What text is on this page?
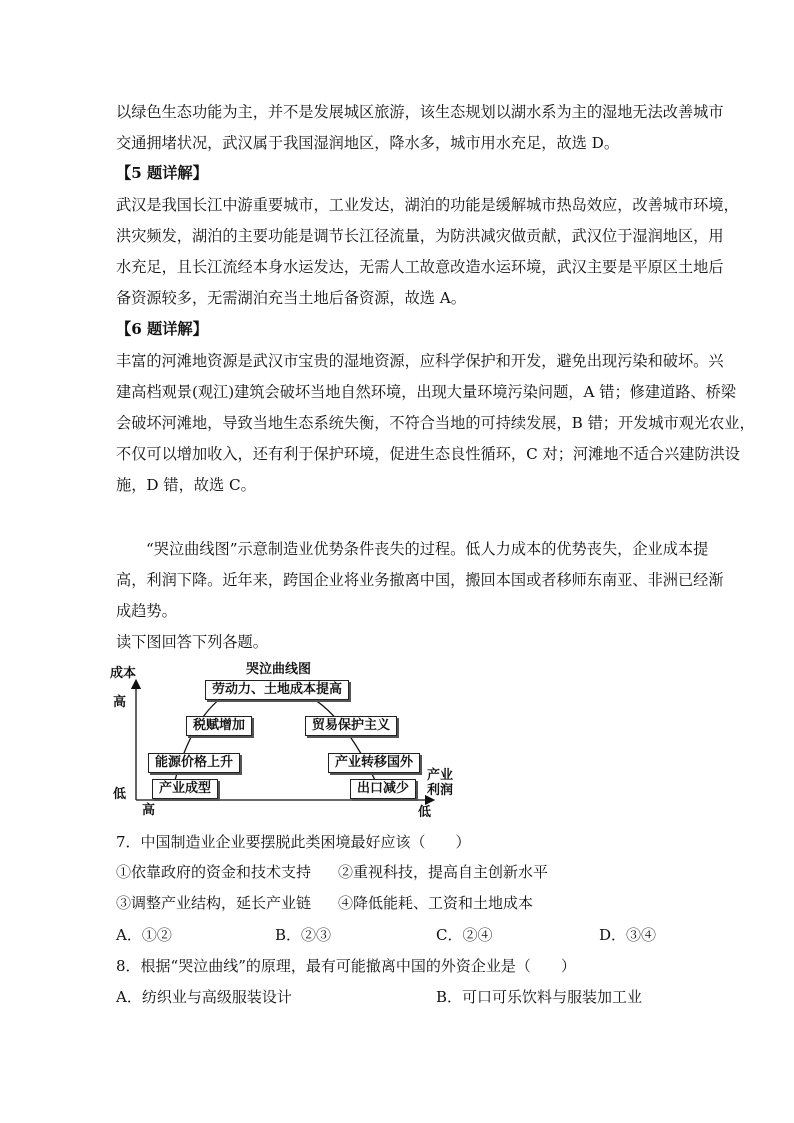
以绿色生态功能为主，并不是发展城区旅游，该生态规划以湖水系为主的湿地无法改善城市
交通拥堵状况，武汉属于我国湿润地区，降水多，城市用水充足，故选 D。
【5 题详解】
武汉是我国长江中游重要城市，工业发达，湖泊的功能是缓解城市热岛效应，改善城市环境，
洪灾频发，湖泊的主要功能是调节长江径流量，为防洪减灾做贡献，武汉位于湿润地区，用
水充足，且长江流经本身水运发达，无需人工故意改造水运环境，武汉主要是平原区土地后
备资源较多，无需湖泊充当土地后备资源，故选 A。
【6 题详解】
丰富的河滩地资源是武汉市宝贵的湿地资源，应科学保护和开发，避免出现污染和破坏。兴
建高档观景(观江)建筑会破坏当地自然环境，出现大量环境污染问题，A 错；修建道路、桥梁
会破坏河滩地，导致当地生态系统失衡，不符合当地的可持续发展，B 错；开发城市观光农业，
不仅可以增加收入，还有利于保护环境，促进生态良性循环，C 对；河滩地不适合兴建防洪设
施，D 错，故选 C。
“哭泣曲线图”示意制造业优势条件丧失的过程。低人力成本的优势丧失，企业成本提
高，利润下降。近年来，跨国企业将业务撤离中国，搬回本国或者移师东南亚、非洲已经渐
成趋势。
读下图回答下列各题。
成本
高
低
哭泣曲线图
产业
利润
高	低
劳动力、土地成本提高
税赋增加	贸易保护主义
能源价格上升	产业转移国外
产业成型	出口减少
7．中国制造业企业要摆脱此类困境最好应该（　　）
①依靠政府的资金和技术支持 ②重视科技，提高自主创新水平
③调整产业结构，延长产业链 ④降低能耗、工资和土地成本
A．①②	B．②③	C．②④	D．③④
8．根据“哭泣曲线”的原理，最有可能撤离中国的外资企业是（　　）
A．纺织业与高级服装设计	B．可口可乐饮料与服装加工业
